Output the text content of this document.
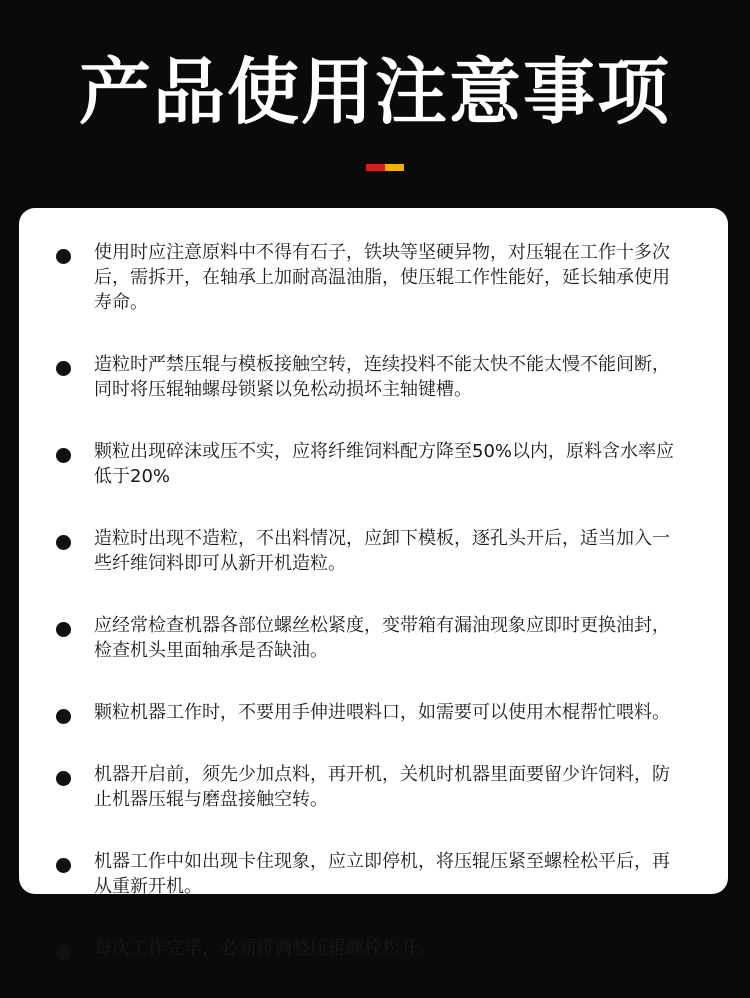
产品使用注意事项
使用时应注意原料中不得有石子，铁块等坚硬异物，对压辊在工作十多次后，需拆开，在轴承上加耐高温油脂，使压辊工作性能好，延长轴承使用寿命。
造粒时严禁压辊与模板接触空转，连续投料不能太快不能太慢不能间断，同时将压辊轴螺母锁紧以免松动损坏主轴键槽。
颗粒出现碎沫或压不实，应将纤维饲料配方降至50%以内，原料含水率应低于20%
造粒时出现不造粒，不出料情况，应卸下模板，逐孔头开后，适当加入一些纤维饲料即可从新开机造粒。
应经常检查机器各部位螺丝松紧度，变带箱有漏油现象应即时更换油封，检查机头里面轴承是否缺油。
颗粒机器工作时，不要用手伸进喂料口，如需要可以使用木棍帮忙喂料。
机器开启前，须先少加点料，再开机，关机时机器里面要留少许饲料，防止机器压辊与磨盘接触空转。
机器工作中如出现卡住现象，应立即停机，将压辊压紧至螺栓松平后，再从重新开机。
每次工作完毕，必须将调整压辊螺栓松开。
